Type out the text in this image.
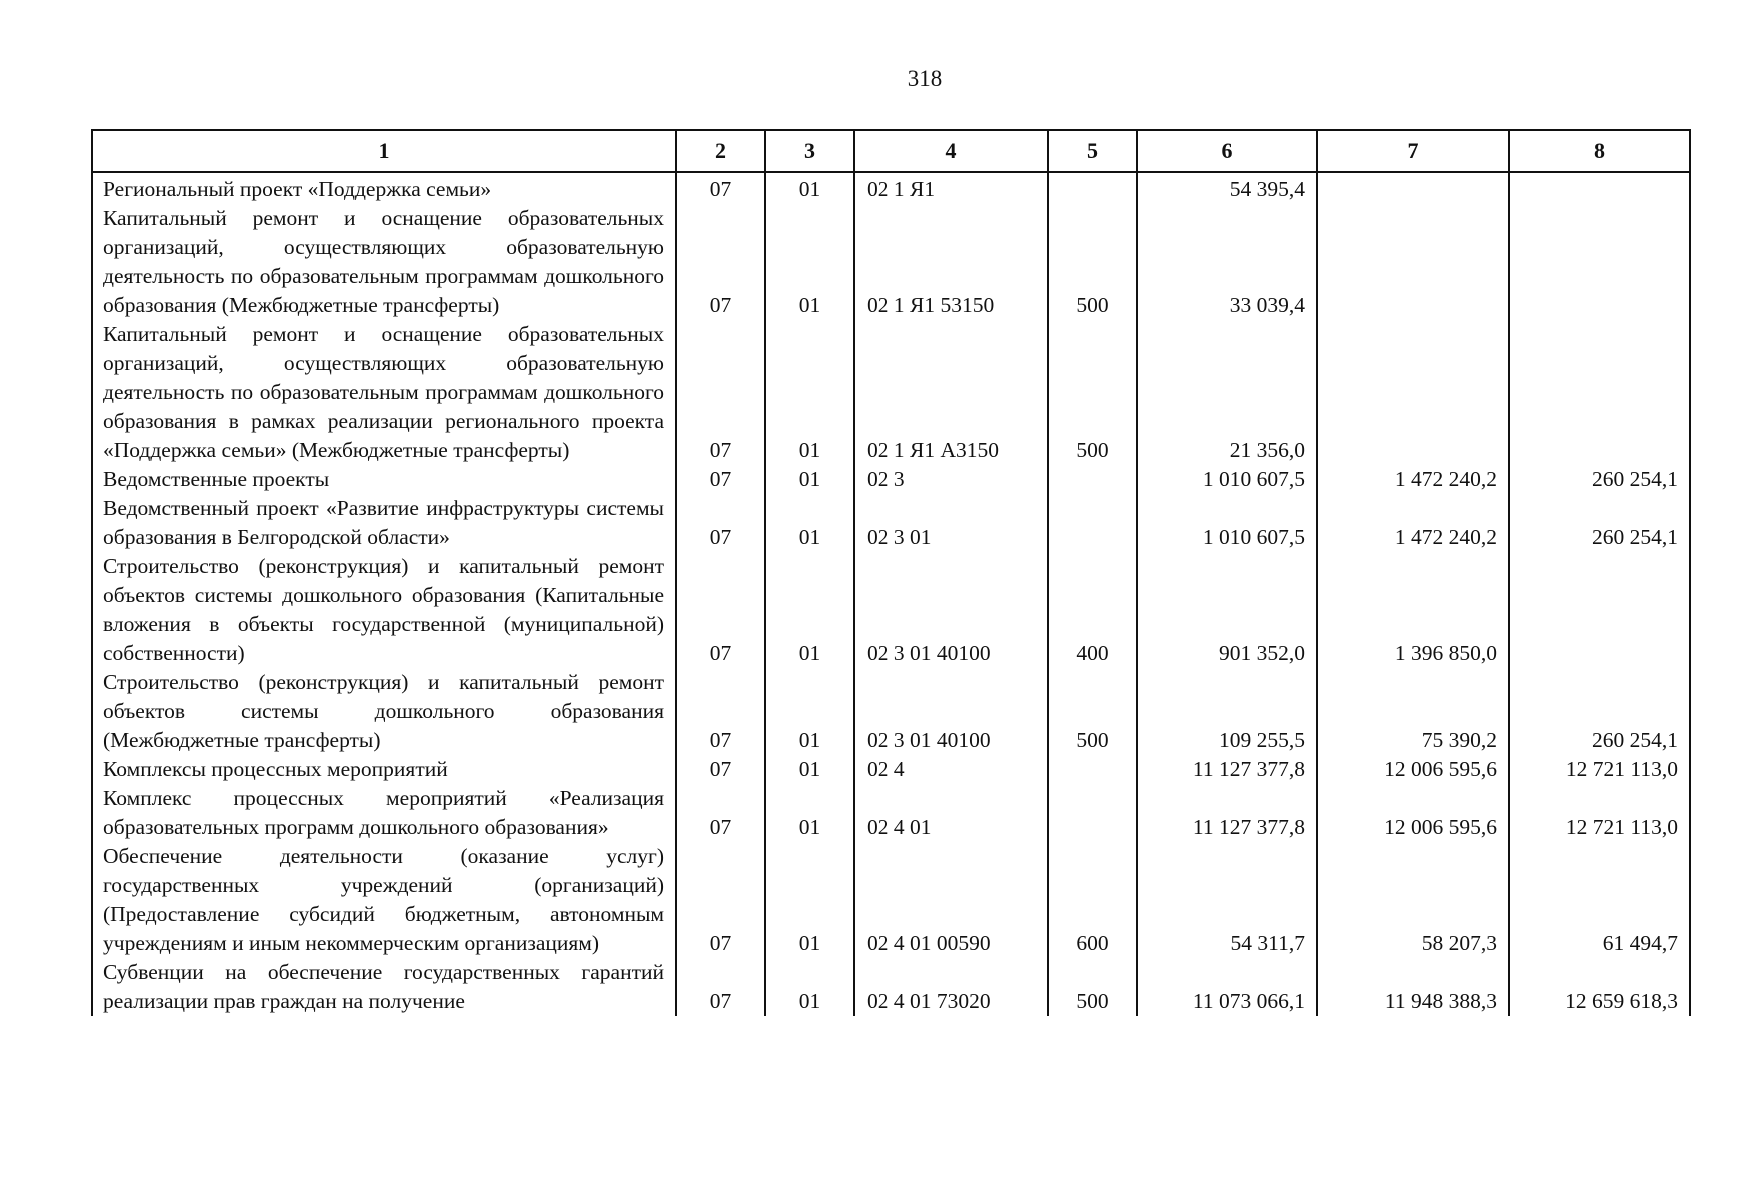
318
1	2	3	4	5	6	7	8
Региональный проект «Поддержка семьи»	07	01	02 1 Я1		54 395,4		
Капитальный ремонт и оснащение образовательных организаций, осуществляющих образовательную деятельность по образовательным программам дошкольного образования (Межбюджетные трансферты)	07	01	02 1 Я1 53150	500	33 039,4		
Капитальный ремонт и оснащение образовательных организаций, осуществляющих образовательную деятельность по образовательным программам дошкольного образования в рамках реализации регионального проекта «Поддержка семьи» (Межбюджетные трансферты)	07	01	02 1 Я1 А3150	500	21 356,0		
Ведомственные проекты	07	01	02 3		1 010 607,5	1 472 240,2	260 254,1
Ведомственный проект «Развитие инфраструктуры системы образования в Белгородской области»	07	01	02 3 01		1 010 607,5	1 472 240,2	260 254,1
Строительство (реконструкция) и капитальный ремонт объектов системы дошкольного образования (Капитальные вложения в объекты государственной (муниципальной) собственности)	07	01	02 3 01 40100	400	901 352,0	1 396 850,0	
Строительство (реконструкция) и капитальный ремонт объектов системы дошкольного образования (Межбюджетные трансферты)	07	01	02 3 01 40100	500	109 255,5	75 390,2	260 254,1
Комплексы процессных мероприятий	07	01	02 4		11 127 377,8	12 006 595,6	12 721 113,0
Комплекс процессных мероприятий «Реализация образовательных программ дошкольного образования»	07	01	02 4 01		11 127 377,8	12 006 595,6	12 721 113,0
Обеспечение деятельности (оказание услуг) государственных учреждений (организаций) (Предоставление субсидий бюджетным, автономным учреждениям и иным некоммерческим организациям)	07	01	02 4 01 00590	600	54 311,7	58 207,3	61 494,7
Субвенции на обеспечение государственных гарантий реализации прав граждан на получение	07	01	02 4 01 73020	500	11 073 066,1	11 948 388,3	12 659 618,3
